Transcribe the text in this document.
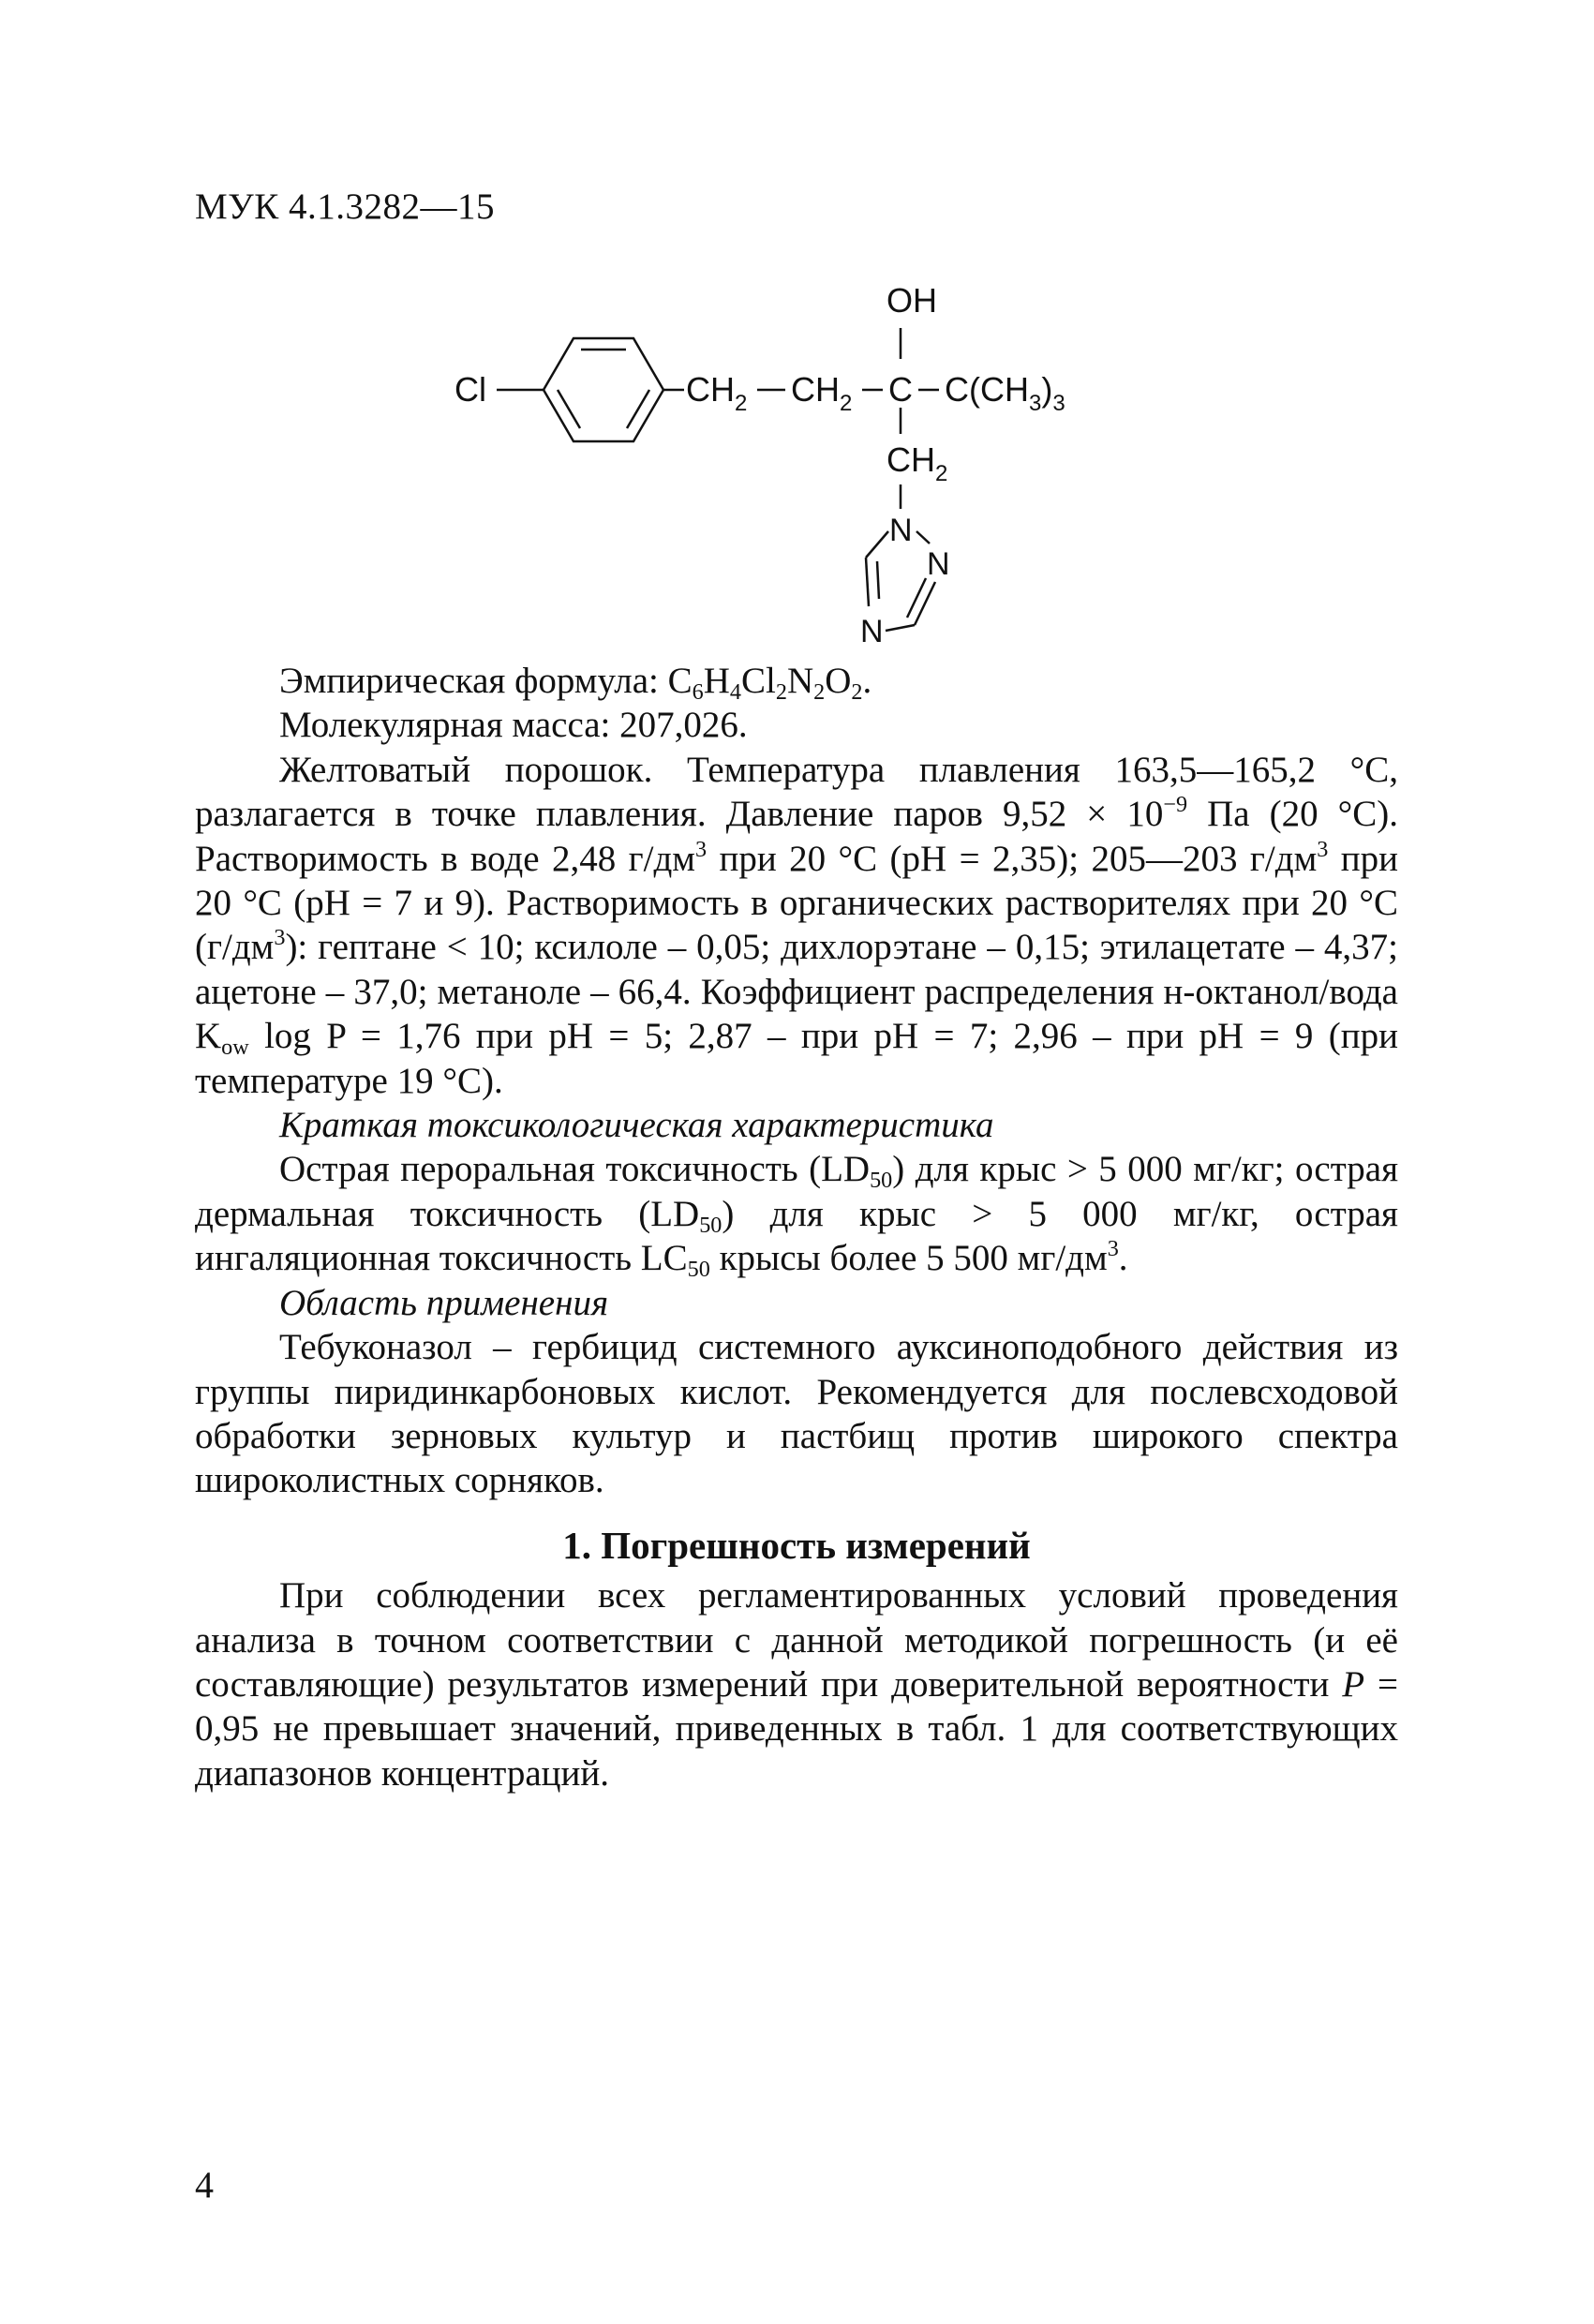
МУК 4.1.3282—15
Cl	$CH_2$ $CH_2$ C $C(CH_3)_3$
OH
$CH_2$
N
N
N

Эмпирическая формула: $C_6H_4Cl_2N_2O_2$.

Молекулярная масса: 207,026.

Желтоватый порошок. Температура плавления 163,5—165,2 °С, разлагается в точке плавления. Давление паров $9,52 \times 10^{-9}$ Па (20 °С). Растворимость в воде 2,48 $г/дм^3$ при 20 °С (рН = 2,35); 205—203 $г/дм^3$ при 20 °С (рН = 7 и 9). Растворимость в органических растворителях при 20 °С $(г/дм^3)$: гептане < 10; ксилоле – 0,05; дихлорэтане – 0,15; этилацетате – 4,37; ацетоне – 37,0; метаноле – 66,4. Коэффициент распределения н-октанол/вода $K_{ow}$ log P = 1,76 при pH = 5; 2,87 – при pH = 7; 2,96 – при pH = 9 (при температуре 19 °С).

Краткая токсикологическая характеристика

Острая пероральная токсичность $(LD_{50})$ для крыс > 5 000 мг/кг; острая дермальная токсичность $(LD_{50})$ для крыс > 5 000 мг/кг, острая ингаляционная токсичность $LC_{50}$ крысы более 5 500 $мг/дм^3$.

Область применения

Тебуконазол – гербицид системного ауксиноподобного действия из группы пиридинкарбоновых кислот. Рекомендуется для послевсходовой обработки зерновых культур и пастбищ против широкого спектра широколистных сорняков.

1. Погрешность измерений

При соблюдении всех регламентированных условий проведения анализа в точном соответствии с данной методикой погрешность (и её составляющие) результатов измерений при доверительной вероятности P = 0,95 не превышает значений, приведенных в табл. 1 для соответствующих диапазонов концентраций.

4
